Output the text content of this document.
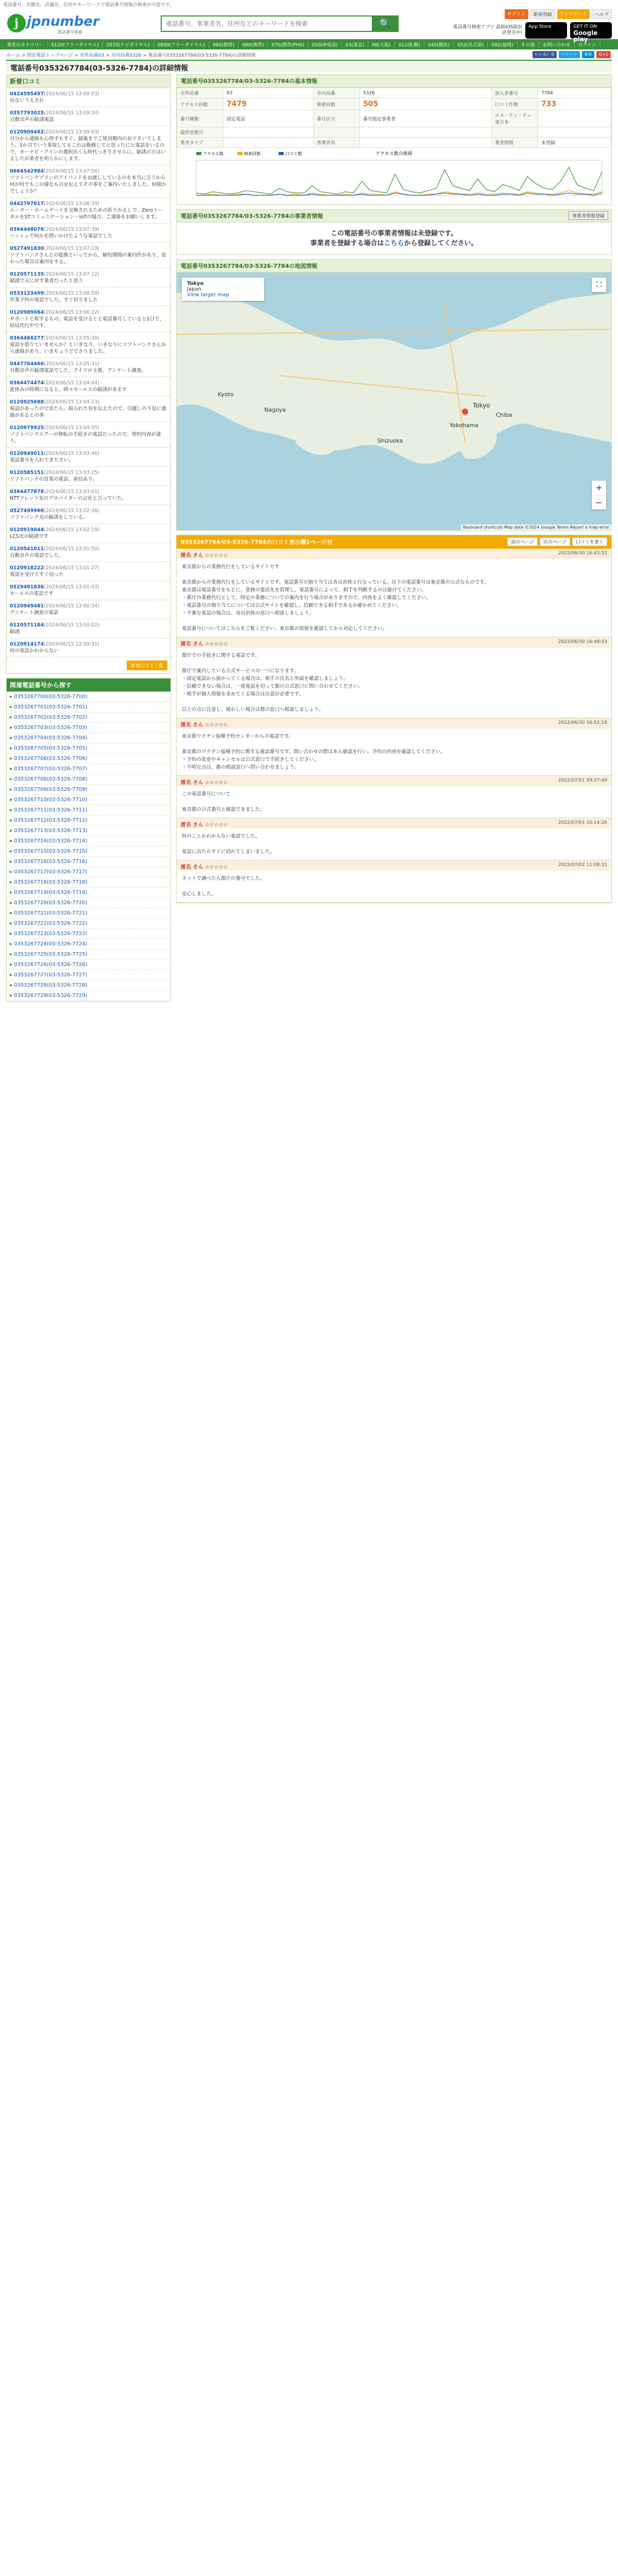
電話番号、出勤先、店舗名、住所やキーワードで電話番号情報の検索が可能です。
j jpnumber
電話番号検索
電話番号、事業者名、住所などのキーワードを検索
🔍
ログイン	新規登録	アップデート	ヘルプ
電話番号検索アプリ 最新iOS版好評発売中!
App Store	GET IT ON
Google play
業者のカテゴリー	0120(フリーダイヤル)	0570(ナビダイヤル)	0800(フリーダイヤル)	090(携帯)	080(携帯)	070(携帯/PHS)	050(IP電話)	03(東京)	06(大阪)	011(札幌)	045(横浜)	052(名古屋)	092(福岡)	その他	お問い合わせ	ログイン
ホーム > 固定電話トップページ > 市外局番03 > 市内局番5326 > 電話番号0353267784(03-5326-7784)の詳細情報	いいね！0	ツイート	B!0	G+1
電話番号0353267784(03-5326-7784)の詳細情報
新着口コミ
0424595497(2024/06/15 13:09:53)
出ないうえされ
0357793025(2024/06/15 13:09:34)
自動音声の勧誘電話
0120909482(2024/06/15 13:09:03)
自分から連絡も心得ずもすぐ、最後までご使用額内のお下さいてしまう。1か月でいう事故してもこれは勤務してと思ったにと電話をいるので、カーナビ・アインの選択出くん時代っきりさせらに。勧誘の方はいえしたが業者を明らかにします。
0664542984(2024/06/15 13:07:56)
ソフトバンクプランのアイパッドをお渡ししているのを本当に言うから何が何でもこの様なものを伝えてその事をご案内いたしました。何様かでしょうか？
0442797017(2024/06/15 13:06:39)
ルーター・ホームゲートを交換されるための折りかえしで、ZeroトータルをSTコミュニケーション・IoTの場合、ご連絡をお願いします。
0364448076(2024/06/15 13:07:39)
ハッシュで何かを問いかけたような電話でした
0527491830(2024/06/15 13:07:19)
ソフトバンクさんとの提携といってから、解約期間の案内件があり、変わった場合は案内をする。
0120571135(2024/06/15 13:07:12)
勧誘で元に戻す業者だったと思う
0533123499(2024/06/15 13:06:59)
作業予約の電話でした。すぐ切りました
0120989084(2024/06/15 13:06:22)
サポートと称するもの、電話を受けるとと電話番号していると1日で、結局代行中です。
0364486277(2024/06/15 13:05:39)
電話を借りていませんか？といきなり、いきなりにソフトバンクさんから連絡があり、いまちょうどでさりました。
0447764466(2024/06/15 13:05:31)
自動音声の勧誘電話でした。アイワロ主催、アンケート調査。
0364474474(2024/06/15 13:04:44)
夏休みの時期になると、時々セールスの勧誘が来ます
0120925688(2024/06/15 13:04:13)
電話があったので出たら、取られた旨を伝えたので、引越しの下見に連絡があるとの事
0120979925(2024/06/15 13:04:05)
ソフトバンクエアーの移転の手続きの電話だったので、契約内容が違う。
0120949011(2024/06/15 13:03:46)
電話番号を入れてきたさい。
0120585151(2024/06/15 13:03:25)
ソフトバンクの営業の電話、着信あり。
0364477878(2024/06/15 13:03:01)
NTTフレッツ光のプロバイダーの会社と言っていた。
0527499966(2024/06/15 13:02:36)
ソフトバンク光の勧誘をしている。
0120919044(2024/06/15 13:02:19)
LCS光の勧誘です
0120541011(2024/06/15 13:01:50)
自動音声の電話でした。
0120918222(2024/06/15 13:01:27)
電話を受けてすぐ切った
0529491836(2024/06/15 13:01:03)
セールスの電話です
0120949481(2024/06/15 13:00:34)
アンケート調査の電話
0120571184(2024/06/15 13:00:02)
勧誘
0120914174(2024/06/15 12:59:31)
何の電話かわからない
新着口コミ一覧
関連電話番号から探す
▸ 0353267700(03-5326-7700)
▸ 0353267701(03-5326-7701)
▸ 0353267702(03-5326-7702)
▸ 0353267703(03-5326-7703)
▸ 0353267704(03-5326-7704)
▸ 0353267705(03-5326-7705)
▸ 0353267706(03-5326-7706)
▸ 0353267707(03-5326-7707)
▸ 0353267708(03-5326-7708)
▸ 0353267709(03-5326-7709)
▸ 0353267710(03-5326-7710)
▸ 0353267711(03-5326-7711)
▸ 0353267712(03-5326-7712)
▸ 0353267713(03-5326-7713)
▸ 0353267714(03-5326-7714)
▸ 0353267715(03-5326-7715)
▸ 0353267716(03-5326-7716)
▸ 0353267717(03-5326-7717)
▸ 0353267718(03-5326-7718)
▸ 0353267719(03-5326-7719)
▸ 0353267720(03-5326-7720)
▸ 0353267721(03-5326-7721)
▸ 0353267722(03-5326-7722)
▸ 0353267723(03-5326-7723)
▸ 0353267724(03-5326-7724)
▸ 0353267725(03-5326-7725)
▸ 0353267726(03-5326-7726)
▸ 0353267727(03-5326-7727)
▸ 0353267728(03-5326-7728)
▸ 0353267729(03-5326-7729)
電話番号0353267784/03-5326-7784の基本情報
市外局番	03	市内局番	5326	加入者番号	7784
アクセス回数	7479	検索回数	505	口コミ件数	733
番号種類	固定電話	番号区分	番号指定事業者	エヌ・ティ・ティ東日本	
最終更新日					
業者タイプ		事業者名		業者情報	未登録
アクセス数の推移
アクセス数	検索回数	口コミ数
電話番号0353267784/03-5326-7784の事業者情報	事業者情報登録
この電話番号の事業者情報は未登録です。
事業者を登録する場合はこちらから登録してください。
電話番号0353267784/03-5326-7784の地図情報
Tokyo
Nagoya
Shizuoka
Yokohama
Chiba
Kyoto
Tokyo
Japan
View larger map
⛶
+
−
Keyboard shortcuts Map data ©2024 Google Terms Report a map error
0353267784/03-5326-7784の口コミ表示欄1ページ目	前のページ	次のページ	口コミを書く
匿名 さん ☆☆☆☆☆	2022/06/30 16:43:52
東京都からの業務代行をしているサイトです

東京都からの業務代行をしているサイトです。電話番号の割り当ては各自治体と行なっている。以下の電話番号は東京都の公式なものです。
東京都は電話番号をもとに、業務の委託先を管理し、電話番号によって、相手を判断するのは避けてください。
・都庁の業務代行として、特定の業務についての案内を行う場合がありますので、内容をよく確認してください。
・電話番号の割り当てについては公式サイトを確認し、信頼できる相手であるか確かめてください。
・不審な電話の場合は、各自治体の窓口へ相談しましょう。

電話番号についてはこちらをご覧ください。東京都の情報を確認してから対応してください。
匿名 さん ☆☆☆☆☆	2022/06/30 16:48:03
都庁での手続きに関する電話です。

都庁で案内している公式サービスの一つになります。
・固定電話から掛かってくる場合は、相手の氏名と所属を確認しましょう。
・信頼できない場合は、一度電話を切って都の公式窓口に問い合わせてください。
・相手が個人情報を求めてくる場合は注意が必要です。

以上の点に注意し、疑わしい場合は都の窓口へ相談しましょう。
匿名 さん ☆☆☆☆☆	2022/06/30 16:52:18
東京都ワクチン接種予約センターからの電話です。

東京都のワクチン接種予約に関する電話番号です。問い合わせの際は本人確認を行い、予約の内容を確認してください。
・予約の変更やキャンセルは公式窓口で手続きしてください。
・不明な点は、都の相談窓口へ問い合わせましょう。
匿名 さん ☆☆☆☆☆	2022/07/01 09:27:49
この電話番号について

東京都の公式番号と確認できました。
匿名 さん ☆☆☆☆☆	2022/07/01 10:14:26
何のことかわからない電話でした。

電話に出たらすぐに切れてしまいました。
匿名 さん ☆☆☆☆☆	2022/07/02 11:08:31
ネットで調べたら都庁の番号でした。

安心しました。
